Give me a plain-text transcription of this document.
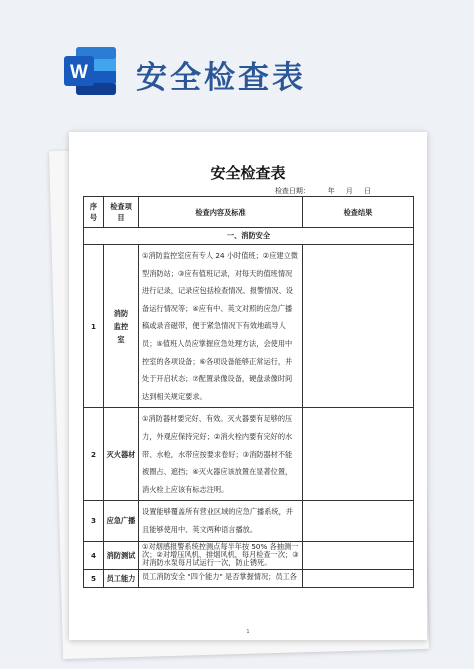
W 安全检查表
安全检查表
检查日期：        年     月     日
序号	检查项目	检查内容及标准	检查结果
一、消防安全			
1	消防监控室	①消防监控室应有专人 24 小时值班；②应建立微型消防站；③应有值班记录，对每天的值班情况进行记录，记录应包括检查情况、报警情况、设备运行情况等；④应有中、英文对照的应急广播稿或录音磁带，便于紧急情况下有效地疏导人员；⑤值班人员应掌握应急处理方法，会使用中控室的各项设备；⑥各项设备能够正常运行，并处于开启状态；⑦配置录像设备，硬盘录像时间达到相关规定要求。	
2	灭火器材	①消防器材要完好、有效。灭火器要有足够的压力，外观应保持完好；②消火栓内要有完好的水带、水枪，水带应按要求卷好；③消防器材不能被圈占、遮挡；④灭火器应该放置在显著位置，消火栓上应该有标志注明。	
3	应急广播	设置能够覆盖所有营业区域的应急广播系统，并且能够使用中、英文两种语言播放。	
4	消防测试	①对烟感报警系统控测点每半年按 50% 各抽测一次；②对增压风机、排烟风机，每月检查一次；③对消防水泵每月试运行一次，防止锈死。	
5	员工能力	员工消防安全 "四个能力" 是否掌握情况；员工各	
1
